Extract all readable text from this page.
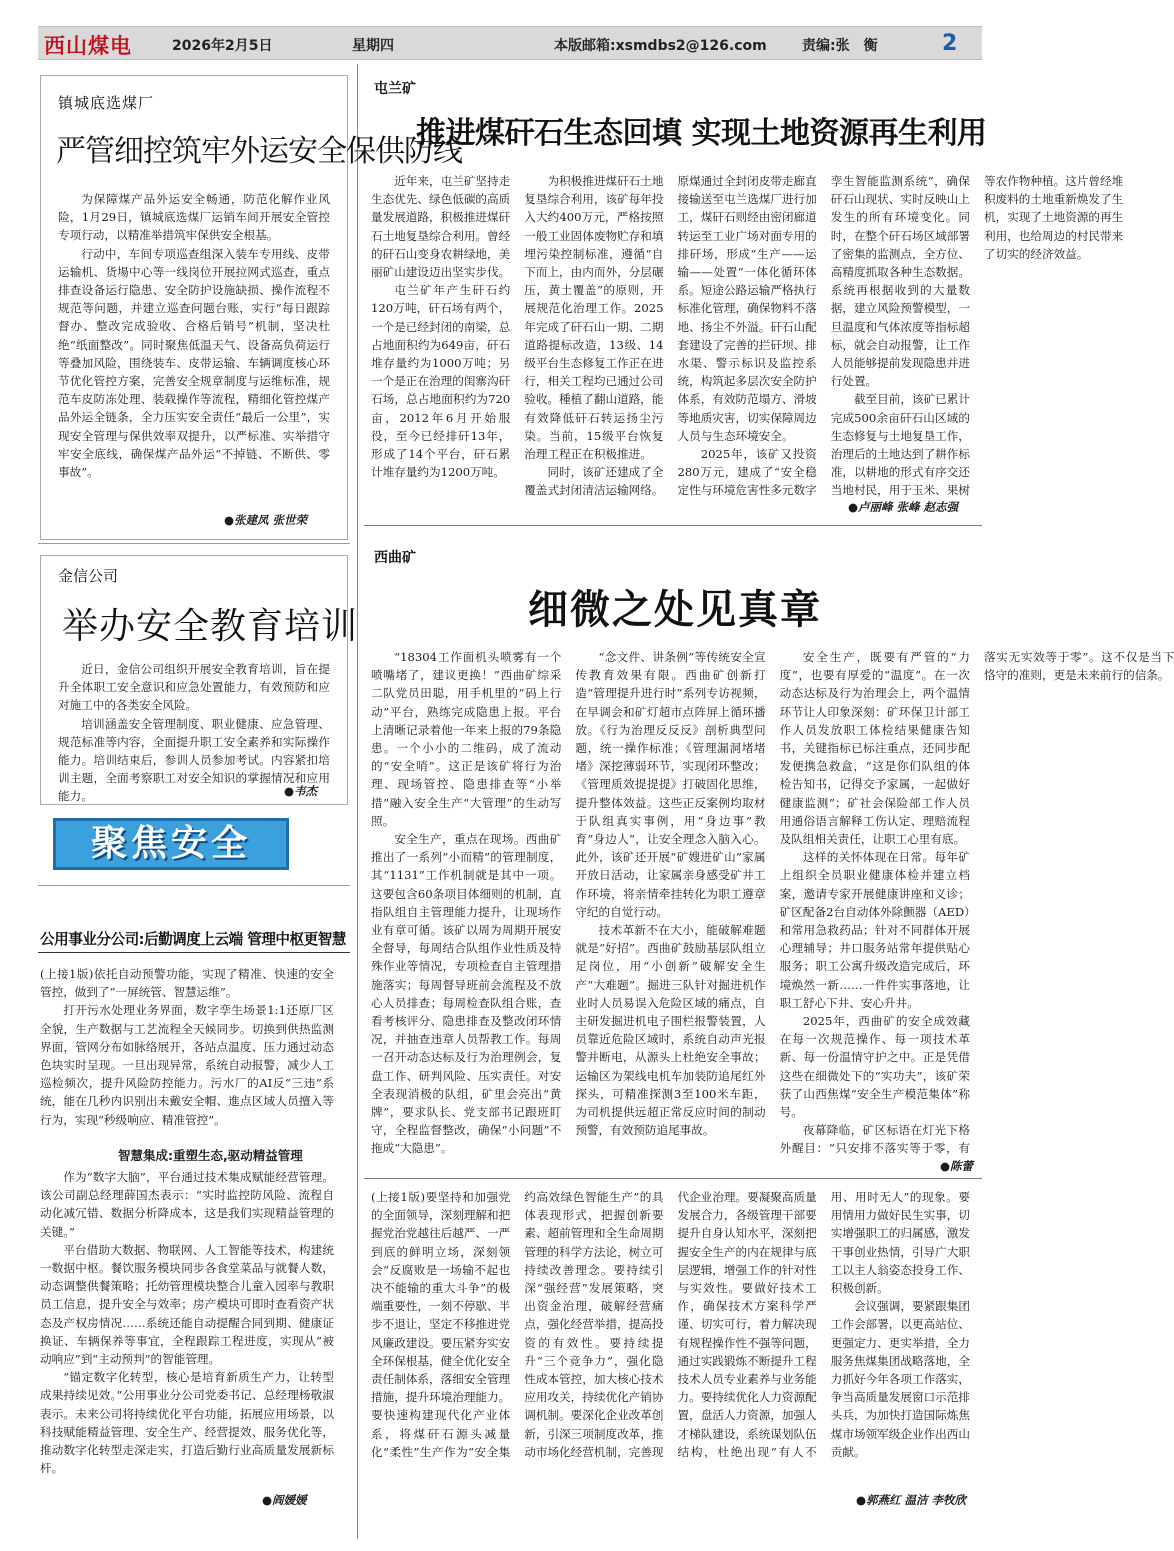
西山煤电	2026年2月5日	星期四	本版邮箱:xsmdbs2@126.com	责编:张　衡	2
镇城底选煤厂
严管细控筑牢外运安全保供防线

为保障煤产品外运安全畅通，防范化解作业风险，1月29日，镇城底选煤厂运销车间开展安全管控专项行动，以精准举措筑牢保供安全根基。

行动中，车间专项巡查组深入装车专用线、皮带运输机、货場中心等一线岗位开展拉网式巡查，重点排查设备运行隐患、安全防护设施缺损、操作流程不规范等问题，并建立巡查问题台账，实行“每日跟踪督办、整改完成验收、合格后销号”机制，坚决杜绝“纸面整改”。同时聚焦低温天气、设备高负荷运行等叠加风险，围绕装车、皮带运输、车辆调度核心环节优化管控方案，完善安全规章制度与运维标准，规范车皮防冻处理、装载操作等流程，精细化管控煤产品外运全链条，全力压实安全责任“最后一公里”，实现安全管理与保供效率双提升，以严标准、实举措守牢安全底线，确保煤产品外运“不掉链、不断供、零事故”。

●张建凤 张世荣
金信公司
举办安全教育培训

近日，金信公司组织开展安全教育培训，旨在提升全体职工安全意识和应急处置能力，有效预防和应对施工中的各类安全风险。

培训涵盖安全管理制度、职业健康、应急管理、规范标准等内容，全面提升职工安全素养和实际操作能力。培训结束后，参训人员参加考试。内容紧扣培训主题，全面考察职工对安全知识的掌握情况和应用能力。	●韦杰
聚焦安全
公用事业分公司:后勤调度上云端 管理中枢更智慧

(上接1版)依托自动预警功能，实现了精准、快速的安全管控，做到了“一屏统管、智慧运维”。

打开污水处理业务界面，数字孪生场景1:1还原厂区全貌，生产数据与工艺流程全天候同步。切换到供热监测界面，管网分布如脉络展开，各站点温度、压力通过动态色块实时呈现。一旦出现异常，系统自动报警，减少人工巡检频次，提升风险防控能力。污水厂的AI反“三违”系统，能在几秒内识别出未戴安全帽、進点区域人员擅入等行为，实现“秒级响应、精准管控”。

智慧集成:重塑生态,驱动精益管理

作为“数字大脑”，平台通过技术集成赋能经营管理。该公司副总经理薛国杰表示：“实时监控防风险、流程自动化减冗错、数据分析降成本，这是我们实现精益管理的关键。”

平台借助大数据、物联网、人工智能等技术，构建统一数据中枢。餐饮服务模块同步各食堂菜品与就餐人数，动态调整供餐策略；托幼管理模块整合儿童入园率与教职员工信息，提升安全与效率；房产模块可即时查看资产状态及产权房情况……系统还能自动提醒合同到期、健康证换证、车辆保养等事宜，全程跟踪工程进度，实现从“被动响应”到“主动预判”的智能管理。

“锚定数字化转型，核心是培育新质生产力，让转型成果持续见效。”公用事业分公司党委书记、总经理杨敬淑表示。未来公司将持续优化平台功能，拓展应用场景，以科技赋能精益管理、安全生产、经营提效、服务优化等，推动数字化转型走深走实，打造后勤行业高质量发展新标杆。

●阎媛媛
屯兰矿
推进煤矸石生态回填 实现土地资源再生利用

近年来，屯兰矿坚持走生态优先、绿色低碳的高质量发展道路，积极推进煤矸石土地复垦综合利用。曾经的矸石山变身农耕绿地，美丽矿山建设迈出坚实步伐。

屯兰矿年产生矸石约120万吨，矸石场有两个，一个是已经封闭的南梁，总占地面积约为649亩，矸石堆存量约为1000万吨；另一个是正在治理的闺寨沟矸石场，总占地面积约为720亩，2012年6月开始服役，至今已经排矸13年，形成了14个平台，矸石累计堆存量约为1200万吨。

为积极推进煤矸石土地复垦综合利用，该矿每年投入大约400万元，严格按照一般工业固体废物贮存和填埋污染控制标准，遵循“自下而上，由内而外，分层碾压，黄土覆盖”的原则，开展规范化治理工作。2025年完成了矸石山一期、二期道路提标改造，13级、14级平台生态修复工作正在进行，相关工程均已通过公司验收。種植了翻山道路，能有效降低矸石转运扬尘污染。当前，15级平台恢复治理工程正在积极推进。

同时，该矿还建成了全覆盖式封闭清洁运输网络。原煤通过全封闭皮带走廊直接输送至屯兰选煤厂进行加工，煤矸石则经由密闭廊道转运至工业广场对面专用的排矸场，形成“生产——运输——处置”一体化循环体系。短途公路运输严格执行标准化管理，确保物料不落地、扬尘不外溢。矸石山配套建设了完善的拦矸坝、排水渠、警示标识及监控系统，构筑起多层次安全防护体系，有效防范塌方、滑坡等地质灾害，切实保障周边人员与生态环境安全。

2025年，该矿又投资280万元，建成了“安全稳定性与环境危害性多元数字孪生智能监测系统”，确保矸石山现状、实时反映山上发生的所有环境变化。同时，在整个矸石场区域部署了密集的监测点，全方位、高精度抓取各种生态数据。系统再根据收到的大量数据，建立风险预警模型，一旦温度和气体浓度等指标超标，就会自动报警，让工作人员能够提前发现隐患并进行处置。

截至目前，该矿已累计完成500余亩矸石山区域的生态修复与土地复垦工作，治理后的土地达到了耕作标准，以耕地的形式有序交还当地村民，用于玉米、果树等农作物种植。这片曾经堆积废料的土地重新焕发了生机，实现了土地资源的再生利用，也给周边的村民带来了切实的经济效益。

●卢丽峰 张峰 赵志强
西曲矿
细微之处见真章

“18304工作面机头喷雾有一个喷嘴堵了，建议更换！”西曲矿综采二队党员田聪，用手机里的“码上行动”平台，熟练完成隐患上报。平台上清晰记录着他一年来上报的79条隐患。一个小小的二维码，成了流动的“安全哨”。这正是该矿将行为治理、现场管控、隐患排查等“小举措”融入安全生产“大管理”的生动写照。

安全生产，重点在现场。西曲矿推出了一系列“小而精”的管理制度，其“1131”工作机制就是其中一项。这要包含60条项目体细则的机制，直指队组自主管理能力提升，让现场作业有章可循。该矿以周为周期开展安全督导，每周结合队组作业性质及特殊作业等情况，专项检查自主管理措施落实；每周督导班前会流程及不放心人员排查；每周检查队组合账，查看考核评分、隐患排查及整改闭环情况，并抽查违章人员帮教工作。每周一召开动态达标及行为治理例会，复盘工作、研判风险、压实责任。对安全表现消极的队组，矿里会亮出“黄牌”，要求队长、党支部书记跟班盯守，全程监督整改，确保“小问题”不拖成“大隐患”。

“念文件、讲条例”等传统安全宣传教育效果有限。西曲矿创新打造“管理提升进行时”系列专访视频，在早调会和矿灯超市点阵屏上循环播放。《行为治理反反反》剖析典型问题，统一操作标准；《管理漏洞堵堵堵》深挖薄弱环节，实现闭环整改；《管理质效提提提》打破固化思维，提升整体效益。这些正反案例均取材于队组真实事例，用“身边事”教育“身边人”，让安全理念入脑入心。此外，该矿还开展“矿嫂进矿山”家属开放日活动，让家属亲身感受矿井工作环境，将亲情牵挂转化为职工遵章守纪的自觉行动。

技术革新不在大小，能破解难题就是“好招”。西曲矿鼓励基层队组立足岗位，用“小创新”破解安全生产“大难题”。掘进三队针对掘进机作业时人员易误入危险区域的痛点，自主研发掘进机电子围栏报警装置，人员靠近危险区域时，系统自动声光报警并断电，从源头上杜绝安全事故；运输区为架线电机车加装防追尾红外探头，可精准探测3至100米车距，为司机提供远超正常反应时间的制动预警，有效预防追尾事故。

安全生产，既要有严管的“力度”，也要有厚爱的“温度”。在一次动态达标及行为治理会上，两个温情环节让人印象深刻：矿环保卫计部工作人员发放职工体检结果健康告知书，关键指标已标注重点，还同步配发便携急救盒，“这是你们队组的体检告知书，记得交予家属，一起做好健康监测”；矿社会保险部工作人员用通俗语言解释工伤认定、理赔流程及队组相关责任，让职工心里有底。

这样的关怀体现在日常。每年矿上组织全员职业健康体检并建立档案，邀请专家开展健康讲座和义诊；矿区配备2台自动体外除颤器（AED）和常用急救药品；针对不同群体开展心理辅导；井口服务站常年提供贴心服务；职工公寓升级改造完成后，环境焕然一新……一件件实事落地，让职工舒心下井、安心升井。

2025年，西曲矿的安全成效藏在每一次规范操作、每一项技术革新、每一份温情守护之中。正是凭借这些在细微处下的“实功夫”，该矿荣获了山西焦煤“安全生产模范集体”称号。

夜幕降临，矿区标语在灯光下格外醒目：“只安排不落实等于零，有落实无实效等于零”。这不仅是当下恪守的准则，更是未来前行的信条。

●陈蕾

(上接1版)要坚持和加强党的全面领导，深刻理解和把握党治党越往后越严、一严到底的鲜明立场，深刻领会“反腐败是一场输不起也决不能输的重大斗争”的极端重要性，一刻不停歇、半步不退让，坚定不移推进党风廉政建设。要压紧夯实安全环保根基，健全优化安全责任制体系，落细安全管理措施，提升环境治理能力。要快速构建现代化产业体系，将煤矸石源头减量化“柔性”生产作为“安全集约高效绿色智能生产”的具体表现形式，把握创新要素、超前管理和全生命周期管理的科学方法论，树立可持续改善理念。要持续引深“强经营”发展策略，突出资金治理，破解经营痛点，强化经营举措，提高投资的有效性。要持续提升“三个竞争力”，强化隐性成本管控，加大核心技术应用攻关，持续优化产销协调机制。要深化企业改革创新，引深三项制度改革，推动市场化经营机制，完善现代企业治理。要凝聚高质量发展合力，各级管理干部要提升自身认知水平，深刻把握安全生产的内在规律与底层逻辑，增强工作的针对性与实效性。要做好技术工作，确保技术方案科学严谨、切实可行，着力解决现有规程操作性不强等问题，通过实践锻炼不断提升工程技术人员专业素养与业务能力。要持续优化人力资源配置，盘活人力资源，加强人才梯队建设，系统谋划队伍结构，杜绝出现“有人不用、用时无人”的现象。要用情用力做好民生实事，切实增强职工的归属感，激发干事创业热情，引导广大职工以主人翁姿态投身工作、积极创新。

会议强调，要紧跟集团工作会部署，以更高站位、更强定力、更实举措，全力服务焦煤集团战略落地，全力抓好今年各项工作落实，争当高质量发展窗口示范排头兵，为加快打造国际炼焦煤市场领军级企业作出西山贡献。

●郭燕红 温洁 李牧欣
